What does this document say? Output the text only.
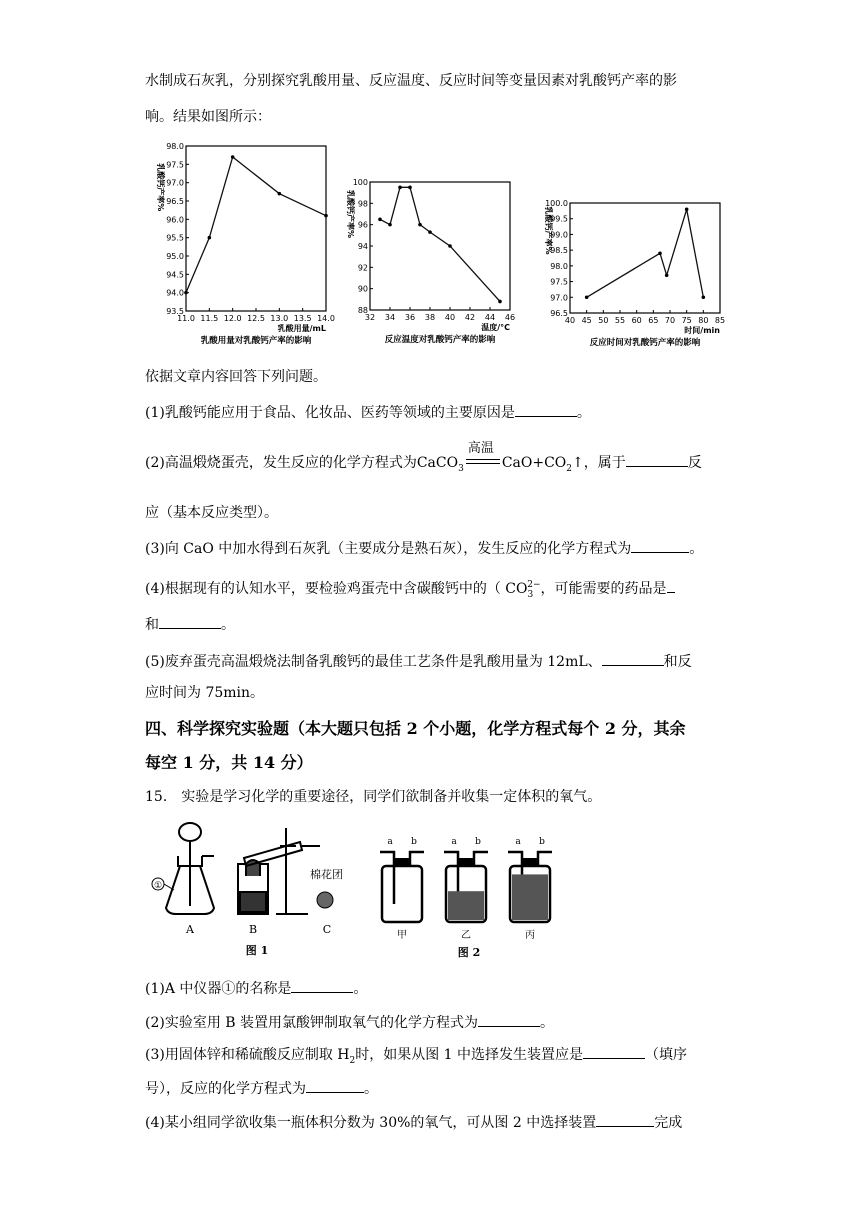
水制成石灰乳，分别探究乳酸用量、反应温度、反应时间等变量因素对乳酸钙产率的影
响。结果如图所示：
93.5
94.0
94.5
95.0
95.5
96.0
96.5
97.0
97.5
98.0
11.0 11.5 12.0 12.5 13.0 13.5 14.0
乳酸用量/mL
乳酸钙产率%
乳酸用量对乳酸钙产率的影响
88
90
92
94
96
98
100
32 34 36 38 40 42 44 46
温度/°C
乳酸钙产率%
反应温度对乳酸钙产率的影响
96.5
97.0
97.5
98.0
98.5
99.0
99.5
100.0
40 45 50 55 60 65 70 75 80 85
时间/min
乳酸钙产率%
反应时间对乳酸钙产率的影响
依据文章内容回答下列问题。
(1)乳酸钙能应用于食品、化妆品、医药等领域的主要原因是	。
(2)高温煅烧蛋壳，发生反应的化学方程式为CaCO$_3$
高温
$CaO+CO_2↑$，属于	反
应（基本反应类型）。
(3)向 CaO 中加水得到石灰乳（主要成分是熟石灰），发生反应的化学方程式为	。
(4)根据现有的认知水平，要检验鸡蛋壳中含碳酸钙中的（ $CO_3^{2-}$，可能需要的药品是
和	。
(5)废弃蛋壳高温煅烧法制备乳酸钙的最佳工艺条件是乳酸用量为 12mL、	和反
应时间为 75min。
四、科学探究实验题（本大题只包括 2 个小题，化学方程式每个 2 分，其余
每空 1 分，共 14 分）
15． 实验是学习化学的重要途径，同学们欲制备并收集一定体积的氧气。
①
棉花团
A	B	C
图 1
a b
甲
a b
乙
a b
丙
图 2
(1)A 中仪器①的名称是	。
(2)实验室用 B 装置用氯酸钾制取氧气的化学方程式为	。
(3)用固体锌和稀硫酸反应制取 $H_2$时，如果从图 1 中选择发生装置应是	（填序
号），反应的化学方程式为	。
(4)某小组同学欲收集一瓶体积分数为 30%的氧气，可从图 2 中选择装置	完成
